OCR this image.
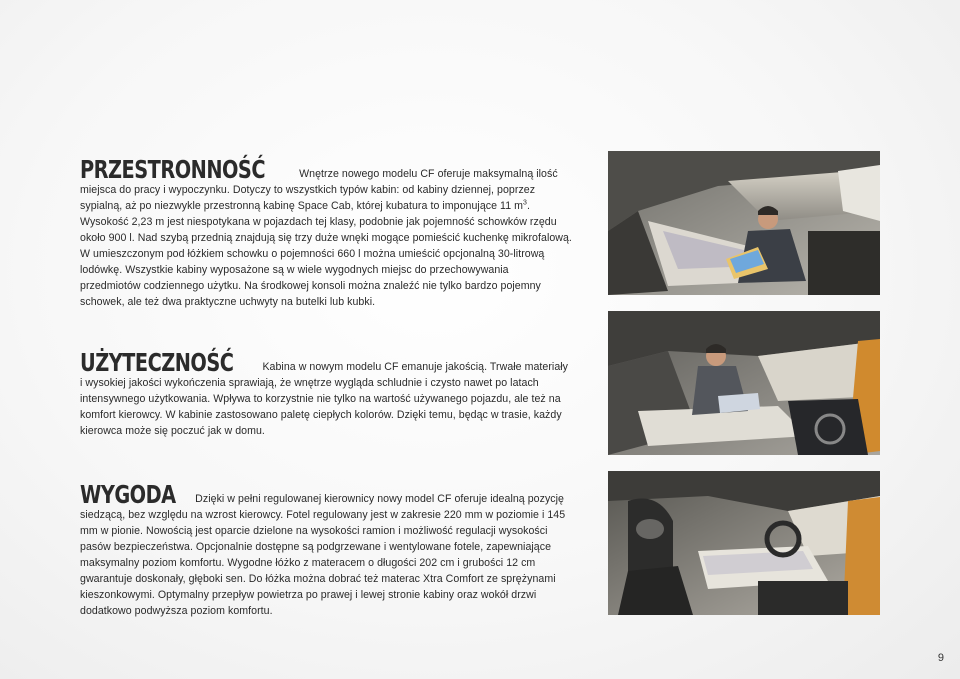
PRZESTRONNOŚĆ	Wnętrze nowego modelu CF oferuje maksymalną ilość miejsca do pracy i wypoczynku. Dotyczy to wszystkich typów kabin: od kabiny dziennej, poprzez sypialną, aż po niezwykle przestronną kabinę Space Cab, której kubatura to imponujące 11 $m^3$. Wysokość 2,23 m jest niespotykana w pojazdach tej klasy, podobnie jak pojemność schowków rzędu około 900 l. Nad szybą przednią znajdują się trzy duże wnęki mogące pomieścić kuchenkę mikrofalową. W umieszczonym pod łóżkiem schowku o pojemności 660 l można umieścić opcjonalną 30-litrową lodówkę. Wszystkie kabiny wyposażone są w wiele wygodnych miejsc do przechowywania przedmiotów codziennego użytku. Na środkowej konsoli można znaleźć nie tylko bardzo pojemny schowek, ale też dwa praktyczne uchwyty na butelki lub kubki.

UŻYTECZNOŚĆ	Kabina w nowym modelu CF emanuje jakością. Trwałe materiały i wysokiej jakości wykończenia sprawiają, że wnętrze wygląda schludnie i czysto nawet po latach intensywnego użytkowania. Wpływa to korzystnie nie tylko na wartość używanego pojazdu, ale też na komfort kierowcy. W kabinie zastosowano paletę ciepłych kolorów. Dzięki temu, będąc w trasie, każdy kierowca może się poczuć jak w domu.

WYGODA Dzięki w pełni regulowanej kierownicy nowy model CF oferuje idealną pozycję siedzącą, bez względu na wzrost kierowcy. Fotel regulowany jest w zakresie 220 mm w poziomie i 145 mm w pionie. Nowością jest oparcie dzielone na wysokości ramion i możliwość regulacji wysokości pasów bezpieczeństwa. Opcjonalnie dostępne są podgrzewane i wentylowane fotele, zapewniające maksymalny poziom komfortu. Wygodne łóżko z materacem o długości 202 cm i grubości 12 cm gwarantuje doskonały, głęboki sen. Do łóżka można dobrać też materac Xtra Comfort ze sprężynami kieszonkowymi. Optymalny przepływ powietrza po prawej i lewej stronie kabiny oraz wokół drzwi dodatkowo podwyższa poziom komfortu.

9
